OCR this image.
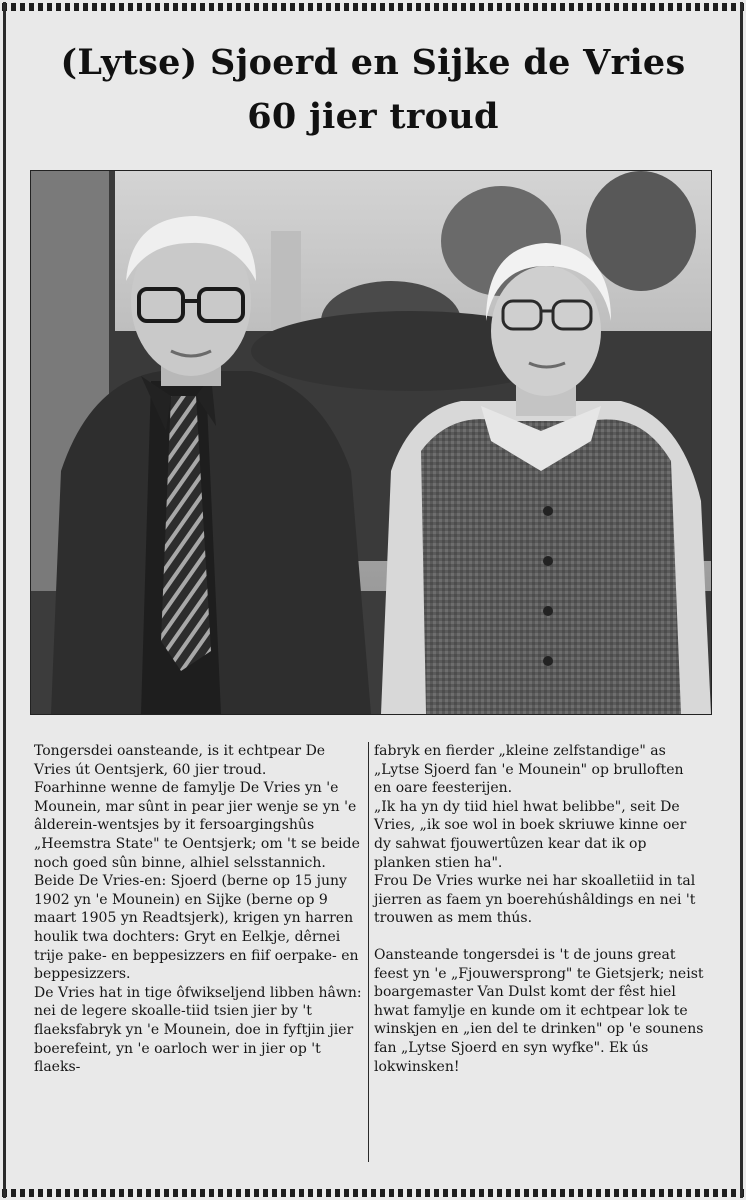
(Lytse) Sjoerd en Sijke de Vries
60 jier troud

Tongersdei oansteande, is it echtpear De Vries út Oentsjerk, 60 jier troud.

Foarhinne wenne de famylje De Vries yn 'e Mounein, mar sûnt in pear jier wenje se yn 'e âlderein-wentsjes by it fersoargingshûs „Heemstra State" te Oentsjerk; om 't se beide noch goed sûn binne, alhiel selsstannich.

Beide De Vries-en: Sjoerd (berne op 15 juny 1902 yn 'e Mounein) en Sijke (berne op 9 maart 1905 yn Readtsjerk), krigen yn harren houlik twa dochters: Gryt en Eelkje, dêrnei trije pake- en beppesizzers en fiif oerpake- en beppesizzers.

De Vries hat in tige ôfwikseljend libben hâwn: nei de legere skoalle-tiid tsien jier by 't flaeksfabryk yn 'e Mounein, doe in fyftjin jier boerefeint, yn 'e oarloch wer in jier op 't flaeks-

fabryk en fierder „kleine zelfstandige" as „Lytse Sjoerd fan 'e Mounein" op brulloften en oare feesterijen.

„Ik ha yn dy tiid hiel hwat belibbe", seit De Vries, „ik soe wol in boek skriuwe kinne oer dy sahwat fjouwertûzen kear dat ik op planken stien ha".

Frou De Vries wurke nei har skoalletiid in tal jierren as faem yn boerehúshâldings en nei 't trouwen as mem thús.

Oansteande tongersdei is 't de jouns great feest yn 'e „Fjouwersprong" te Gietsjerk; neist boargemaster Van Dulst komt der fêst hiel hwat famylje en kunde om it echtpear lok te winskjen en „ien del te drinken" op 'e sounens fan „Lytse Sjoerd en syn wyfke". Ek ús lokwinsken!
